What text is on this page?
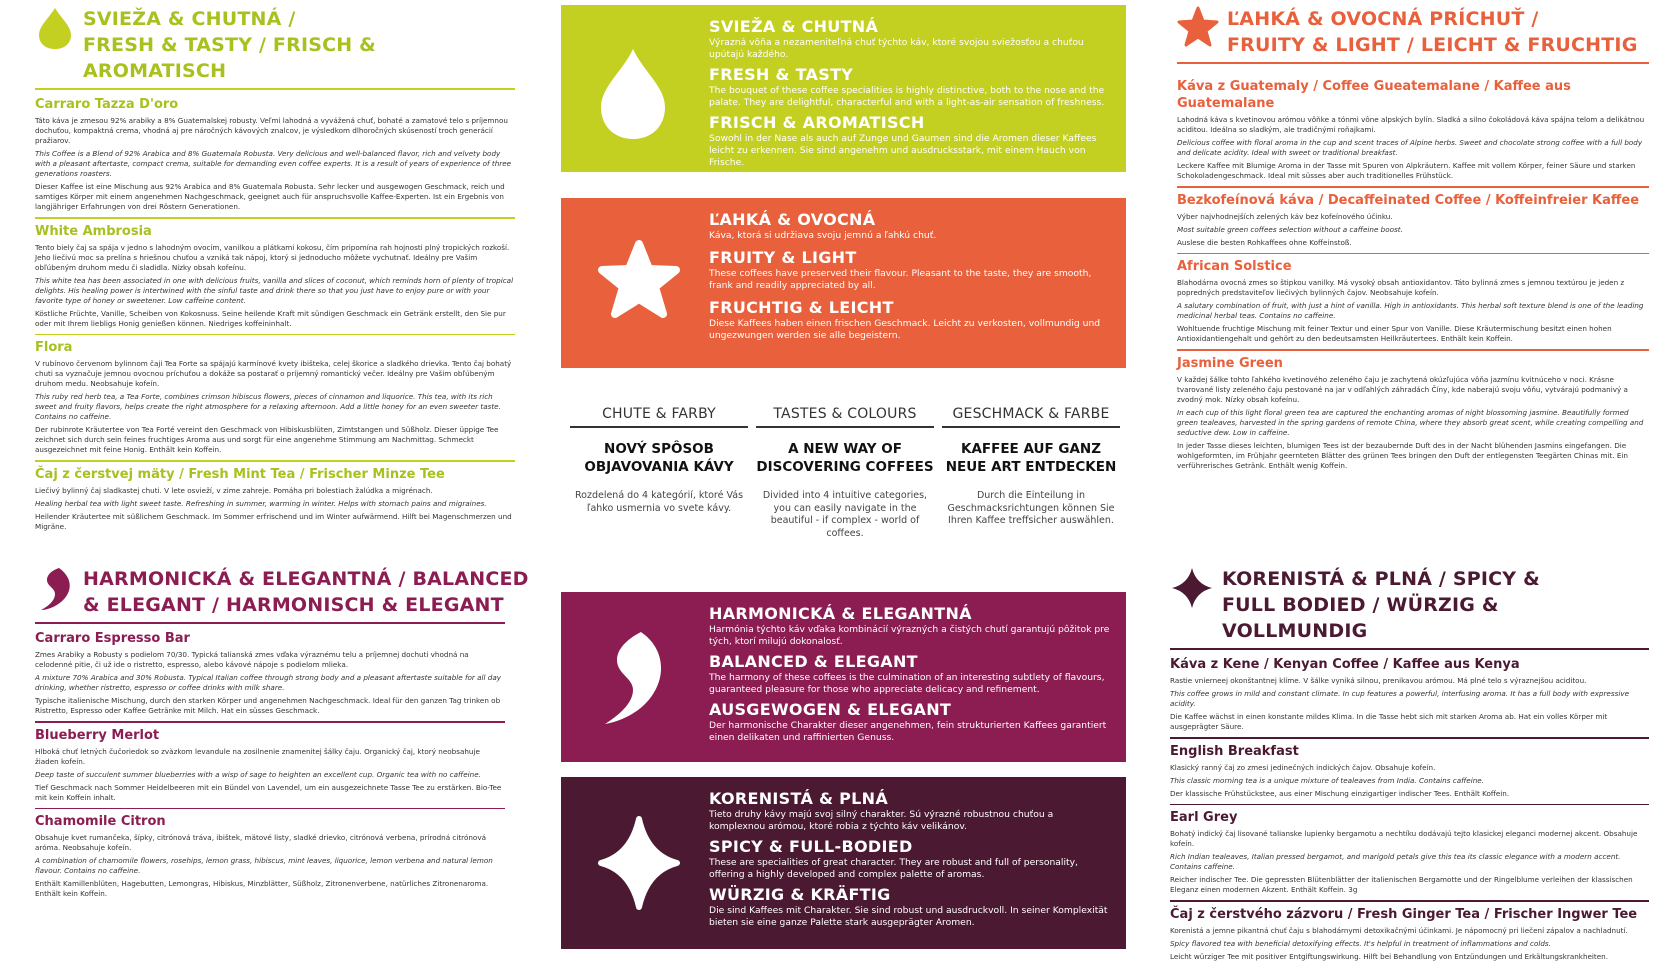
SVIEŽA & CHUTNÁ /
FRESH & TASTY / FRISCH & AROMATISCH
Carraro Tazza D'oro

Táto káva je zmesou 92% arabiky a 8% Guatemalskej robusty. Veľmi lahodná a vyvážená chuť, bohaté a zamatové telo s príjemnou dochuťou, kompaktná crema, vhodná aj pre náročných kávových znalcov, je výsledkom dlhoročných skúseností troch generácií pražiarov.

This Coffee is a Blend of 92% Arabica and 8% Guatemala Robusta. Very delicious and well-balanced flavor, rich and velvety body with a pleasant aftertaste, compact crema, suitable for demanding even coffee experts. It is a result of years of experience of three generations roasters.

Dieser Kaffee ist eine Mischung aus 92% Arabica and 8% Guatemala Robusta. Sehr lecker und ausgewogen Geschmack, reich und samtiges Körper mit einem angenehmen Nachgeschmack, geeignet auch für anspruchsvolle Kaffee-Experten. Ist ein Ergebnis von langjähriger Erfahrungen von drei Röstern Generationen.

White Ambrosia

Tento biely čaj sa spája v jedno s lahodným ovocím, vanilkou a plátkami kokosu, čím pripomína rah hojnosti plný tropických rozkoší. Jeho liečivú moc sa prelína s hriešnou chuťou a vzniká tak nápoj, ktorý si jednoducho môžete vychutnať. Ideálny pre Vašim obľúbeným druhom medu či sladidla. Nízky obsah kofeínu.

This white tea has been associated in one with delicious fruits, vanilla and slices of coconut, which reminds horn of plenty of tropical delights. His healing power is intertwined with the sinful taste and drink there so that you just have to enjoy pure or with your favorite type of honey or sweetener. Low caffeine content.

Köstliche Früchte, Vanille, Scheiben von Kokosnuss. Seine heilende Kraft mit sündigen Geschmack ein Getränk erstellt, den Sie pur oder mit Ihrem liebligs Honig genießen können. Niedriges koffeininhalt.

Flora

V rubínovo červenom bylinnom čaji Tea Forte sa spájajú karmínové kvety ibištekа, celej škorice a sladkého drievka. Tento čaj bohatý chuti sa vyznačuje jemnou ovocnou príchuťou a dokáže sa postarať o príjemný romantický večer. Ideálny pre Vašim obľúbeným druhom medu. Neobsahuje kofeín.

This ruby red herb tea, a Tea Forte, combines crimson hibiscus flowers, pieces of cinnamon and liquorice. This tea, with its rich sweet and fruity flavors, helps create the right atmosphere for a relaxing afternoon. Add a little honey for an even sweeter taste. Contains no caffeine.

Der rubinrote Kräutertee von Tea Forté vereint den Geschmack von Hibiskusblüten, Zimtstangen und Süßholz. Dieser üppige Tee zeichnet sich durch sein feines fruchtiges Aroma aus und sorgt für eine angenehme Stimmung am Nachmittag. Schmeckt ausgezeichnet mit feine Honig. Enthält kein Koffein.

Čaj z čerstvej mäty / Fresh Mint Tea / Frischer Minze Tee

Liečivý bylinný čaj sladkastej chuti. V lete osvieží, v zime zahreje. Pomáha pri bolestiach žalúdka a migrénach.

Healing herbal tea with light sweet taste. Refreshing in summer, warming in winter. Helps with stomach pains and migraines.

Heilender Kräutertee mit süßlichem Geschmack. Im Sommer erfrischend und im Winter aufwärmend. Hilft bei Magenschmerzen und Migräne.

HARMONICKÁ & ELEGANTNÁ / BALANCED
& ELEGANT / HARMONISCH & ELEGANT
Carraro Espresso Bar

Zmes Arabiky a Robusty s podielom 70/30. Typická talianská zmes vďaka výraznému telu a príjemnej dochuti vhodná na celodenné pitie, či už ide o ristretto, espresso, alebo kávové nápoje s podielom mlieka.

A mixture 70% Arabica and 30% Robusta. Typical Italian coffee through strong body and a pleasant aftertaste suitable for all day drinking, whether ristretto, espresso or coffee drinks with milk share.

Typische italienische Mischung, durch den starken Körper und angenehmen Nachgeschmack. Ideal für den ganzen Tag trinken ob Ristretto, Espresso oder Kaffee Getränke mit Milch. Hat ein süsses Geschmack.

Blueberry Merlot

Hlboká chuť letných čučoriedok so zvàzkom levandule na zosilnenie znamenitej šálky čaju. Organický čaj, ktorý neobsahuje žiaden kofeín.

Deep taste of succulent summer blueberries with a wisp of sage to heighten an excellent cup. Organic tea with no caffeine.

Tief Geschmack nach Sommer Heidelbeeren mit ein Bündel von Lavendel, um ein ausgezeichnete Tasse Tee zu erstärken. Bio-Tee mit kein Koffein inhalt.

Chamomile Citron

Obsahuje kvet rumančeka, šípky, citrónová tráva, ibištek, mätové listy, sladké drievko, citrónová verbena, prírodná citrónová aróma. Neobsahuje kofeín.

A combination of chamomile flowers, rosehips, lemon grass, hibiscus, mint leaves, liquorice, lemon verbena and natural lemon flavour. Contains no caffeine.

Enthält Kamillenblüten, Hagebutten, Lemongras, Hibiskus, Minzblätter, Süßholz, Zitronenverbene, natürliches Zitronenaroma. Enthält kein Koffein.

ĽAHKÁ & OVOCNÁ PRÍCHUŤ /
FRUITY & LIGHT / LEICHT & FRUCHTIG
Káva z Guatemaly / Coffee Gueatemalane / Kaffee aus Guatemalane

Lahodná káva s kvetinovou arómou vôňke a tónmi vône alpských bylín. Sladká a silno čokoládová káva spájna telom a delikátnou aciditou. Ideálna so sladkým, ale tradičnými roňajkami.

Delicious coffee with floral aroma in the cup and scent traces of Alpine herbs. Sweet and chocolate strong coffee with a full body and delicate acidity. Ideal with sweet or traditional breakfast.

Leckere Kaffee mit Blumige Aroma in der Tasse mit Spuren von Alpkräutern. Kaffee mit vollem Körper, feiner Säure und starken Schokoladengeschmack. Ideal mit süsses aber auch traditionelles Frühstück.

Bezkofeínová káva / Decaffeinated Coffee / Koffeinfreier Kaffee

Výber najvhodnejších zelených káv bez kofeínového účinku.

Most suitable green coffees selection without a caffeine boost.

Auslese die besten Rohkaffees ohne Koffeinstoß.

African Solstice

Blahodárna ovocná zmes so štipkou vanilky. Má vysoký obsah antioxidantov. Táto bylinná zmes s jemnou textúrou je jeden z popredných predstaviteľov liečivých bylinných čajov. Neobsahuje kofeín.

A salutary combination of fruit, with just a hint of vanilla. High in antioxidants. This herbal soft texture blend is one of the leading medicinal herbal teas. Contains no caffeine.

Wohltuende fruchtige Mischung mit feiner Textur und einer Spur von Vanille. Diese Kräutermischung besitzt einen hohen Antioxidantiengehalt und gehört zu den bedeutsamsten Heilkräutertees. Enthält kein Koffein.

Jasmine Green

V každej šálke tohto ľahkého kvetinového zeleného čaju je zachytená okúzľujúca vôňa jazmínu kvitnúceho v noci. Krásne tvarované listy zeleného čaju pestované na jar v odľahlých záhradách Číny, kde naberajú svoju vôňu, vytvárajú podmanivý a zvodný mok. Nízky obsah kofeínu.

In each cup of this light floral green tea are captured the enchanting aromas of night blossoming jasmine. Beautifully formed green tealeaves, harvested in the spring gardens of remote China, where they absorb great scent, while creating compelling and seductive dew. Low in caffeine.

In jeder Tasse dieses leichten, blumigen Tees ist der bezaubernde Duft des in der Nacht blühenden Jasmins eingefangen. Die wohlgeformten, im Frühjahr geernteten Blätter des grünen Tees bringen den Duft der entlegensten Teegärten Chinas mit. Ein verführerisches Getränk. Enthält wenig Koffein.

KORENISTÁ & PLNÁ / SPICY &
FULL BODIED / WÜRZIG & VOLLMUNDIG
Káva z Kene / Kenyan Coffee / Kaffee aus Kenya

Rastie vnierneej okonštantnej klíme. V šálke vyniká silnou, prenikavou arómou. Má plné telo s výraznejšou aciditou.

This coffee grows in mild and constant climate. In cup features a powerful, interfusing aroma. It has a full body with expressive acidity.

Die Kaffee wächst in einen konstante mildes Klima. In die Tasse hebt sich mit starken Aroma ab. Hat ein volles Körper mit ausgeprägter Säure.

English Breakfast

Klasický ranný čaj zo zmesi jedinečných indických čajov. Obsahuje kofeín.

This classic morning tea is a unique mixture of tealeaves from India. Contains caffeine.

Der klassische Frühstückstee, aus einer Mischung einzigartiger indischer Tees. Enthält Koffein.

Earl Grey

Bohatý indický čaj lisované talianske lupienky bergamotu a nechtíku dodávajú tejto klasickej eleganci modernej akcent. Obsahuje kofeín.

Rich Indian tealeaves, Italian pressed bergamot, and marigold petals give this tea its classic elegance with a modern accent. Contains caffeine.

Reicher indischer Tee. Die gepressten Blütenblätter der italienischen Bergamotte und der Ringelblume verleihen der klassischen Eleganz einen modernen Akzent. Enthält Koffein. 3g

Čaj z čerstvého zázvoru / Fresh Ginger Tea / Frischer Ingwer Tee

Korenistá a jemne pikantná chuť čaju s blahodárnymi detoxikačnými účinkami. Je nápomocný pri liečení zápalov a nachladnutí.

Spicy flavored tea with beneficial detoxifying effects. It's helpful in treatment of inflammations and colds.

Leicht würziger Tee mit positiver Entgiftungswirkung. Hilft bei Behandlung von Entzündungen und Erkältungskrankheiten.

SVIEŽA & CHUTNÁ

Výrazná vôňa a nezameniteľná chuť týchto káv, ktoré svojou sviežosťou a chuťou upútajú každého.

FRESH & TASTY

The bouquet of these coffee specialities is highly distinctive, both to the nose and the palate. They are delightful, characterful and with a light-as-air sensation of freshness.

FRISCH & AROMATISCH

Sowohl in der Nase als auch auf Zunge und Gaumen sind die Aromen dieser Kaffees leicht zu erkennen. Sie sind angenehm und ausdrucksstark, mit einem Hauch von Frische.

ĽAHKÁ & OVOCNÁ

Káva, ktorá si udržiava svoju jemnú a ľahkú chuť.

FRUITY & LIGHT

These coffees have preserved their flavour. Pleasant to the taste, they are smooth, frank and readily appreciated by all.

FRUCHTIG & LEICHT

Diese Kaffees haben einen frischen Geschmack. Leicht zu verkosten, vollmundig und ungezwungen werden sie alle begeistern.

CHUTE & FARBY
NOVÝ SPÔSOB OBJAVOVANIA KÁVY
Rozdelená do 4 kategórií, ktoré Vás ľahko usmernia vo svete kávy.
TASTES & COLOURS
A NEW WAY OF DISCOVERING COFFEES
Divided into 4 intuitive categories, you can easily navigate in the beautiful - if complex - world of coffees.
GESCHMACK & FARBE
KAFFEE AUF GANZ NEUE ART ENTDECKEN
Durch die Einteilung in Geschmacksrichtungen können Sie Ihren Kaffee treffsicher auswählen.
HARMONICKÁ & ELEGANTNÁ

Harmónia týchto káv vďaka kombinácií výrazných a čistých chutí garantujú pôžitok pre tých, ktorí milujú dokonalosť.

BALANCED & ELEGANT

The harmony of these coffees is the culmination of an interesting subtlety of flavours, guaranteed pleasure for those who appreciate delicacy and refinement.

AUSGEWOGEN & ELEGANT

Der harmonische Charakter dieser angenehmen, fein strukturierten Kaffees garantiert einen delikaten und raffinierten Genuss.

KORENISTÁ & PLNÁ

Tieto druhy kávy majú svoj silný charakter. Sú výrazné robustnou chuťou a komplexnou arómou, ktoré robia z týchto káv velikánov.

SPICY & FULL-BODIED

These are specialities of great character. They are robust and full of personality, offering a highly developed and complex palette of aromas.

WÜRZIG & KRÄFTIG

Die sind Kaffees mit Charakter. Sie sind robust und ausdruckvoll. In seiner Komplexität bieten sie eine ganze Palette stark ausgeprägter Aromen.
